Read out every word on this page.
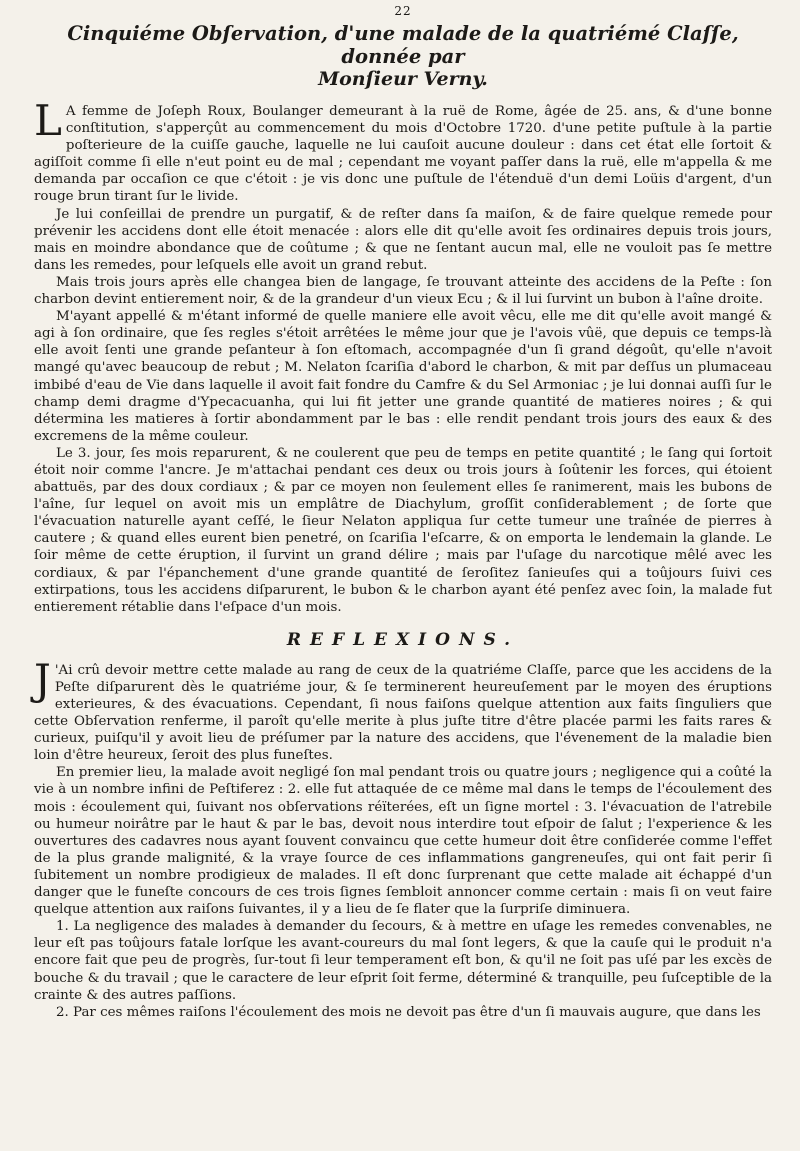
22
Cinquiéme Obſervation, d'une malade de la quatriémé Claſſe, donnée par
Monſieur Verny.

L A femme de Joſeph Roux, Boulanger demeurant à la ruë de Rome, âgée de 25. ans, & d'une bonne conſtitution, s'apperçût au commencement du mois d'Octobre 1720. d'une petite puſtule à la partie poſterieure de la cuiſſe gauche, laquelle ne lui cauſoit aucune douleur : dans cet état elle ſortoit & agiſſoit comme ſi elle n'eut point eu de mal ; cependant me voyant paſſer dans la ruë, elle m'appella & me demanda par occaſion ce que c'étoit : je vis donc une puſtule de l'étenduë d'un demi Loüis d'argent, d'un rouge brun tirant ſur le livide.

Je lui conſeillai de prendre un purgatif, & de reſter dans ſa maiſon, & de faire quelque remede pour prévenir les accidens dont elle étoit menacée : alors elle dit qu'elle avoit ſes ordinaires depuis trois jours, mais en moindre abondance que de coûtume ; & que ne ſentant aucun mal, elle ne vouloit pas ſe mettre dans les remedes, pour leſquels elle avoit un grand rebut.

Mais trois jours après elle changea bien de langage, ſe trouvant atteinte des accidens de la Peſte : ſon charbon devint entierement noir, & de la grandeur d'un vieux Ecu ; & il lui ſurvint un bubon à l'aîne droite.

M'ayant appellé & m'étant informé de quelle maniere elle avoit vêcu, elle me dit qu'elle avoit mangé & agi à ſon ordinaire, que ſes regles s'étoit arrêtées le même jour que je l'avois vûë, que depuis ce temps-là elle avoit ſenti une grande peſanteur à ſon eſtomach, accompagnée d'un ſi grand dégoût, qu'elle n'avoit mangé qu'avec beaucoup de rebut ; M. Nelaton ſcariſia d'abord le charbon, & mit par deſſus un plumaceau imbibé d'eau de Vie dans laquelle il avoit fait fondre du Camfre & du Sel Armoniac ; je lui donnai auſſi ſur le champ demi dragme d'Ypecacuanha, qui lui fit jetter une grande quantité de matieres noires ; & qui détermina les matieres à ſortir abondamment par le bas : elle rendit pendant trois jours des eaux & des excremens de la même couleur.

Le 3. jour, ſes mois reparurent, & ne coulerent que peu de temps en petite quantité ; le ſang qui ſortoit étoit noir comme l'ancre. Je m'attachai pendant ces deux ou trois jours à ſoûtenir les forces, qui étoient abattuës, par des doux cordiaux ; & par ce moyen non ſeulement elles ſe ranimerent, mais les bubons de l'aîne, ſur lequel on avoit mis un emplâtre de Diachylum, groſſit conſiderablement ; de ſorte que l'évacuation naturelle ayant ceſſé, le ſieur Nelaton appliqua ſur cette tumeur une traînée de pierres à cautere ; & quand elles eurent bien penetré, on ſcariſia l'eſcarre, & on emporta le lendemain la glande. Le ſoir même de cette éruption, il ſurvint un grand délire ; mais par l'uſage du narcotique mêlé avec les cordiaux, & par l'épanchement d'une grande quantité de ſeroſitez ſanieuſes qui a toûjours ſuivi ces extirpations, tous les accidens diſparurent, le bubon & le charbon ayant été penſez avec ſoin, la malade fut entierement rétablie dans l'eſpace d'un mois.

REFLEXIONS.

J 'Ai crû devoir mettre cette malade au rang de ceux de la quatriéme Claſſe, parce que les accidens de la Peſte diſparurent dès le quatriéme jour, & ſe terminerent heureuſement par le moyen des éruptions exterieures, & des évacuations. Cependant, ſi nous faiſons quelque attention aux faits ſinguliers que cette Obſervation renferme, il paroît qu'elle merite à plus juſte titre d'être placée parmi les faits rares & curieux, puiſqu'il y avoit lieu de préſumer par la nature des accidens, que l'évenement de la maladie bien loin d'être heureux, ſeroit des plus funeſtes.

En premier lieu, la malade avoit negligé ſon mal pendant trois ou quatre jours ; negligence qui a coûté la vie à un nombre infini de Peſtiferez : 2. elle fut attaquée de ce même mal dans le temps de l'écoulement des mois : écoulement qui, ſuivant nos obſervations réïterées, eſt un ſigne mortel : 3. l'évacuation de l'atrebile ou humeur noirâtre par le haut & par le bas, devoit nous interdire tout eſpoir de ſalut ; l'experience & les ouvertures des cadavres nous ayant ſouvent convaincu que cette humeur doit être conſiderée comme l'effet de la plus grande malignité, & la vraye ſource de ces inflammations gangreneuſes, qui ont fait perir ſi ſubitement un nombre prodigieux de malades. Il eſt donc ſurprenant que cette malade ait échappé d'un danger que le funeſte concours de ces trois ſignes ſembloit annoncer comme certain : mais ſi on veut faire quelque attention aux raiſons ſuivantes, il y a lieu de ſe flater que la ſurpriſe diminuera.

1. La negligence des malades à demander du ſecours, & à mettre en uſage les remedes convenables, ne leur eſt pas toûjours fatale lorſque les avant-coureurs du mal ſont legers, & que la cauſe qui le produit n'a encore fait que peu de progrès, ſur-tout ſi leur temperament eſt bon, & qu'il ne ſoit pas uſé par les excès de bouche & du travail ; que le caractere de leur eſprit ſoit ferme, déterminé & tranquille, peu ſuſceptible de la crainte & des autres paſſions.

2. Par ces mêmes raiſons l'écoulement des mois ne devoit pas être d'un ſi mauvais augure, que dans les
